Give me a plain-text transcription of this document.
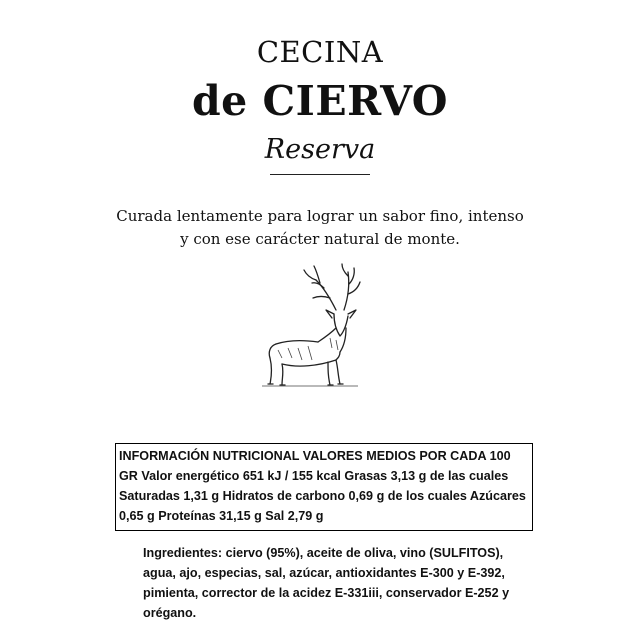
CECINA
de CIERVO
Reserva
Curada lentamente para lograr un sabor fino, intenso
y con ese carácter natural de monte.
INFORMACIÓN NUTRICIONAL VALORES MEDIOS POR CADA 100
GR Valor energético 651 kJ / 155 kcal Grasas 3,13 g de las cuales
Saturadas 1,31 g Hidratos de carbono 0,69 g de los cuales Azúcares
0,65 g Proteínas 31,15 g Sal 2,79 g
Ingredientes: ciervo (95%), aceite de oliva, vino (SULFITOS),
agua, ajo, especias, sal, azúcar, antioxidantes E-300 y E-392,
pimienta, corrector de la acidez E-331iii, conservador E-252 y
orégano.
